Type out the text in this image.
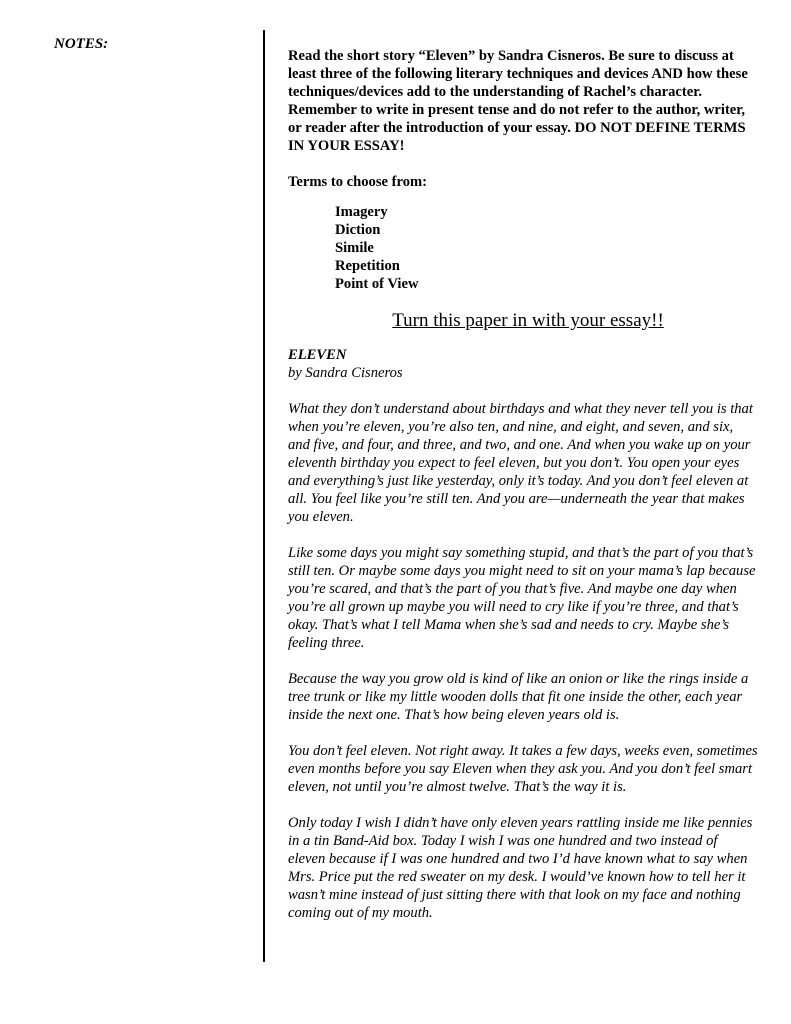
NOTES:

Read the short story “Eleven” by Sandra Cisneros. Be sure to discuss at least three of the following literary techniques and devices AND how these techniques/devices add to the understanding of Rachel’s character. Remember to write in present tense and do not refer to the author, writer, or reader after the introduction of your essay. DO NOT DEFINE TERMS IN YOUR ESSAY!

Terms to choose from:

Imagery
Diction
Simile
Repetition
Point of View

Turn this paper in with your essay!!

ELEVEN

by Sandra Cisneros

What they don’t understand about birthdays and what they never tell you is that when you’re eleven, you’re also ten, and nine, and eight, and seven, and six, and five, and four, and three, and two, and one. And when you wake up on your eleventh birthday you expect to feel eleven, but you don’t. You open your eyes and everything’s just like yesterday, only it’s today. And you don’t feel eleven at all. You feel like you’re still ten. And you are—underneath the year that makes you eleven.

Like some days you might say something stupid, and that’s the part of you that’s still ten. Or maybe some days you might need to sit on your mama’s lap because you’re scared, and that’s the part of you that’s five. And maybe one day when you’re all grown up maybe you will need to cry like if you’re three, and that’s okay. That’s what I tell Mama when she’s sad and needs to cry. Maybe she’s feeling three.

Because the way you grow old is kind of like an onion or like the rings inside a tree trunk or like my little wooden dolls that fit one inside the other, each year inside the next one. That’s how being eleven years old is.

You don’t feel eleven. Not right away. It takes a few days, weeks even, sometimes even months before you say Eleven when they ask you. And you don’t feel smart eleven, not until you’re almost twelve. That’s the way it is.

Only today I wish I didn’t have only eleven years rattling inside me like pennies in a tin Band-Aid box. Today I wish I was one hundred and two instead of eleven because if I was one hundred and two I’d have known what to say when Mrs. Price put the red sweater on my desk. I would’ve known how to tell her it wasn’t mine instead of just sitting there with that look on my face and nothing coming out of my mouth.
